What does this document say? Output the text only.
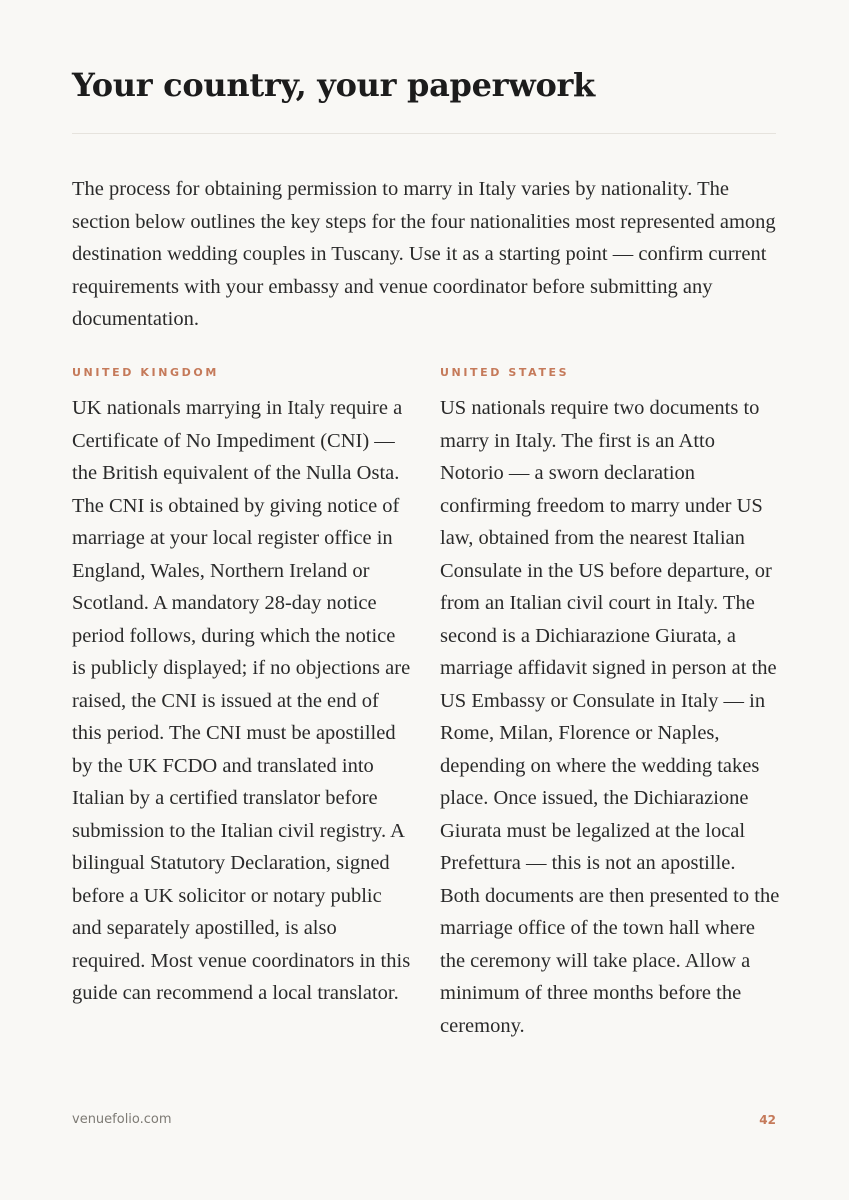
Your country, your paperwork

The process for obtaining permission to marry in Italy varies by nationality. The section below outlines the key steps for the four nationalities most represented among destination wedding couples in Tuscany. Use it as a starting point — confirm current requirements with your embassy and venue coordinator before submitting any documentation.

UNITED KINGDOM

UK nationals marrying in Italy require a Certificate of No Impediment (CNI) — the British equivalent of the Nulla Osta. The CNI is obtained by giving notice of marriage at your local register office in England, Wales, Northern Ireland or Scotland. A mandatory 28-day notice period follows, during which the notice is publicly displayed; if no objections are raised, the CNI is issued at the end of this period. The CNI must be apostilled by the UK FCDO and translated into Italian by a certified translator before submission to the Italian civil registry. A bilingual Statutory Declaration, signed before a UK solicitor or notary public and separately apostilled, is also required. Most venue coordinators in this guide can recommend a local translator.

UNITED STATES

US nationals require two documents to marry in Italy. The first is an Atto Notorio — a sworn declaration confirming freedom to marry under US law, obtained from the nearest Italian Consulate in the US before departure, or from an Italian civil court in Italy. The second is a Dichiarazione Giurata, a marriage affidavit signed in person at the US Embassy or Consulate in Italy — in Rome, Milan, Florence or Naples, depending on where the wedding takes place. Once issued, the Dichiarazione Giurata must be legalized at the local Prefettura — this is not an apostille. Both documents are then presented to the marriage office of the town hall where the ceremony will take place. Allow a minimum of three months before the ceremony.

venuefolio.com	42
